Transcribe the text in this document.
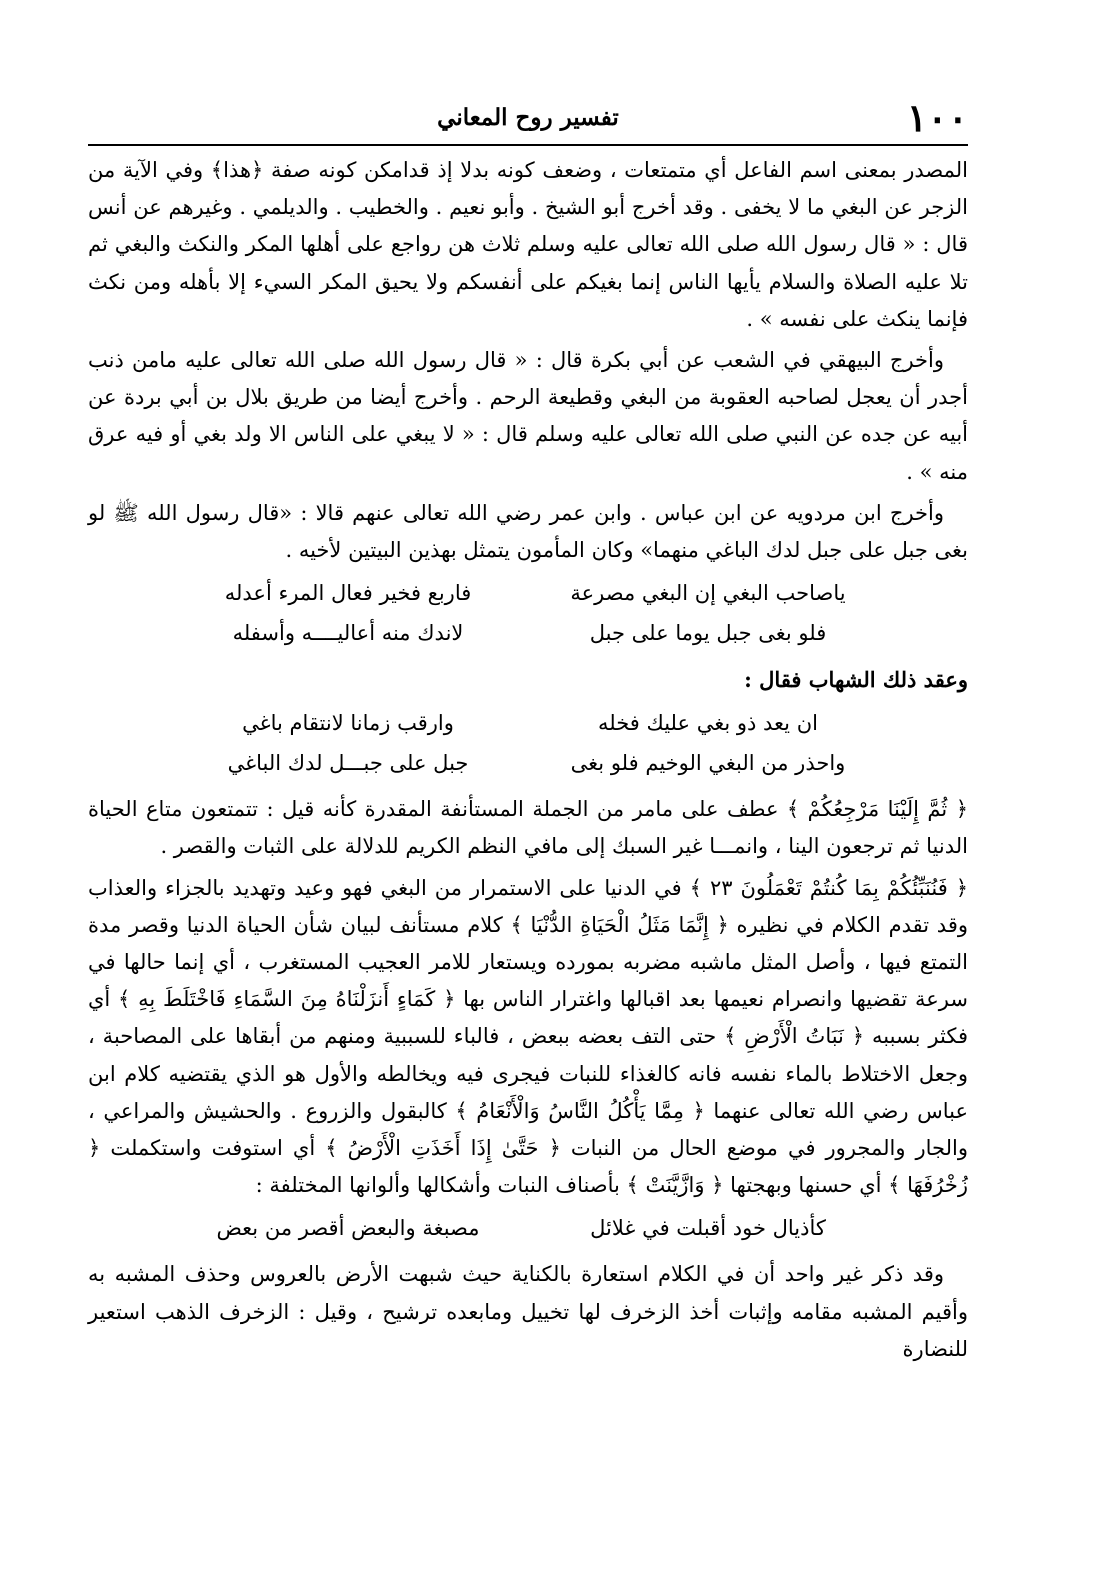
١٠٠
تفسير روح المعاني

المصدر بمعنى اسم الفاعل أي متمتعات ، وضعف كونه بدلا إذ قدامكن كونه صفة ﴿هذا﴾ وفي الآية من الزجر عن البغي ما لا يخفى . وقد أخرج أبو الشيخ . وأبو نعيم . والخطيب . والديلمي . وغيرهم عن أنس قال : « قال رسول الله صلى الله تعالى عليه وسلم ثلاث هن رواجع على أهلها المكر والنكث والبغي ثم تلا عليه الصلاة والسلام يأيها الناس إنما بغيكم على أنفسكم ولا يحيق المكر السيء إلا بأهله ومن نكث فإنما ينكث على نفسه » .

وأخرج البيهقي في الشعب عن أبي بكرة قال : « قال رسول الله صلى الله تعالى عليه مامن ذنب أجدر أن يعجل لصاحبه العقوبة من البغي وقطيعة الرحم . وأخرج أيضا من طريق بلال بن أبي بردة عن أبيه عن جده عن النبي صلى الله تعالى عليه وسلم قال : « لا يبغي على الناس الا ولد بغي أو فيه عرق منه » .

وأخرج ابن مردويه عن ابن عباس . وابن عمر رضي الله تعالى عنهم قالا : «قال رسول الله ﷺ لو بغى جبل على جبل لدك الباغي منهما» وكان المأمون يتمثل بهذين البيتين لأخيه .

ياصاحب البغي إن البغي مصرعة
فاربع فخير فعال المرء أعدله
فلو بغى جبل يوما على جبل
لاندك منه أعاليــــه وأسفله

وعقد ذلك الشهاب فقال :

ان يعد ذو بغي عليك فخله
وارقب زمانا لانتقام باغي
واحذر من البغي الوخيم فلو بغى
جبل على جبـــل لدك الباغي

﴿ ثُمَّ إِلَيْنَا مَرْجِعُكُمْ ﴾ عطف على مامر من الجملة المستأنفة المقدرة كأنه قيل : تتمتعون متاع الحياة الدنيا ثم ترجعون الينا ، وانمـــا غير السبك إلى مافي النظم الكريم للدلالة على الثبات والقصر .

﴿ فَنُنَبِّئُكُمْ بِمَا كُنتُمْ تَعْمَلُونَ ٢٣ ﴾ في الدنيا على الاستمرار من البغي فهو وعيد وتهديد بالجزاء والعذاب وقد تقدم الكلام في نظيره ﴿ إِنَّمَا مَثَلُ الْحَيَاةِ الدُّنْيَا ﴾ كلام مستأنف لبيان شأن الحياة الدنيا وقصر مدة التمتع فيها ، وأصل المثل ماشبه مضربه بمورده ويستعار للامر العجيب المستغرب ، أي إنما حالها في سرعة تقضيها وانصرام نعيمها بعد اقبالها واغترار الناس بها ﴿ كَمَاءٍ أَنزَلْنَاهُ مِنَ السَّمَاءِ فَاخْتَلَطَ بِهِ ﴾ أي فكثر بسببه ﴿ نَبَاتُ الْأَرْضِ ﴾ حتى التف بعضه ببعض ، فالباء للسببية ومنهم من أبقاها على المصاحبة ، وجعل الاختلاط بالماء نفسه فانه كالغذاء للنبات فيجرى فيه ويخالطه والأول هو الذي يقتضيه كلام ابن عباس رضي الله تعالى عنهما ﴿ مِمَّا يَأْكُلُ النَّاسُ وَالْأَنْعَامُ ﴾ كالبقول والزروع . والحشيش والمراعي ، والجار والمجرور في موضع الحال من النبات ﴿ حَتَّىٰ إِذَا أَخَذَتِ الْأَرْضُ ﴾ أي استوفت واستكملت ﴿ زُخْرُفَهَا ﴾ أي حسنها وبهجتها ﴿ وَازَّيَّنَتْ ﴾ بأصناف النبات وأشكالها وألوانها المختلفة :

كأذيال خود أقبلت في غلائل
مصبغة والبعض أقصر من بعض

وقد ذكر غير واحد أن في الكلام استعارة بالكناية حيث شبهت الأرض بالعروس وحذف المشبه به وأقيم المشبه مقامه وإثبات أخذ الزخرف لها تخييل ومابعده ترشيح ، وقيل : الزخرف الذهب استعير للنضارة
